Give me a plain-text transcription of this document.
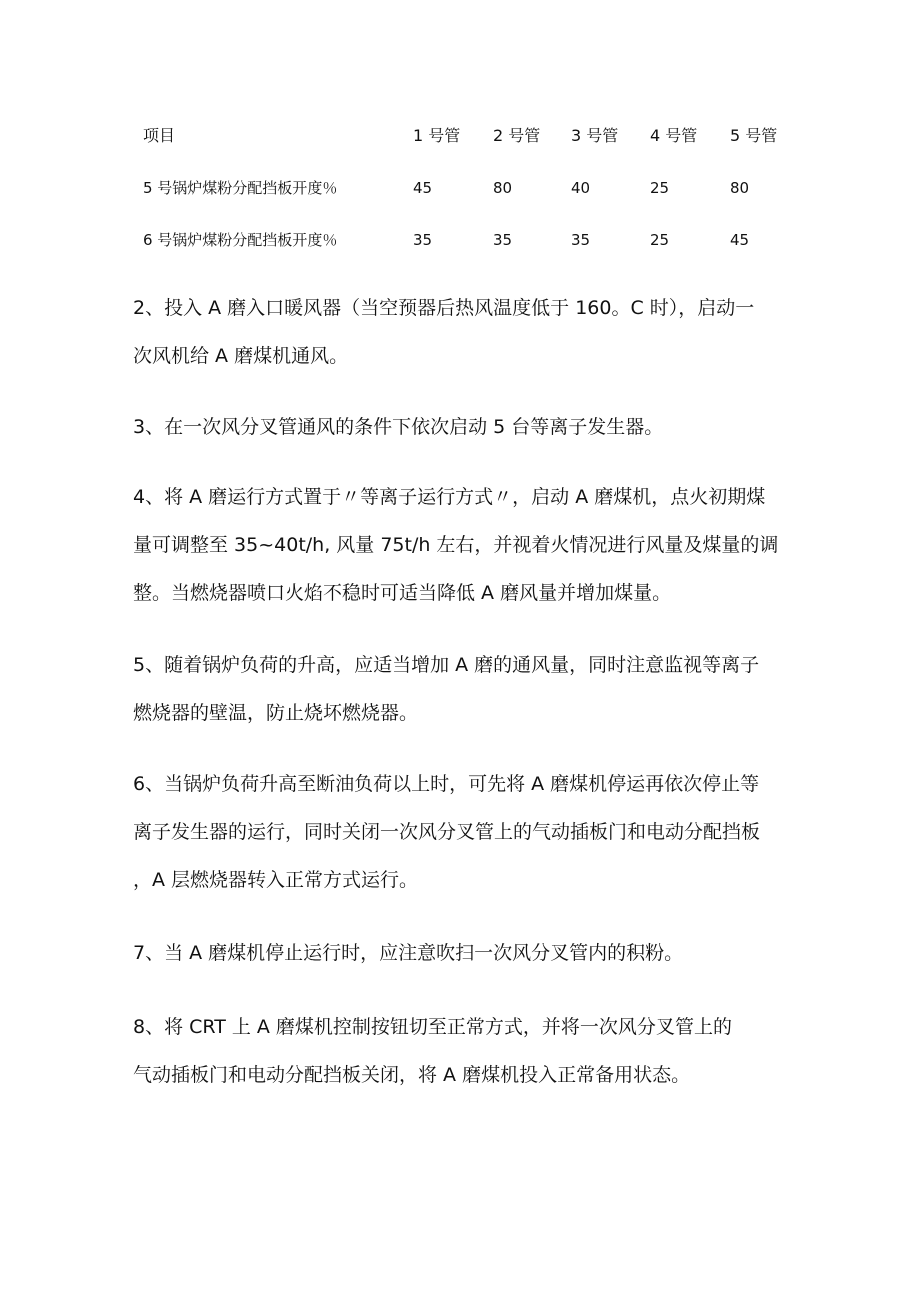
项目	1 号管 2 号管 3 号管 4 号管 5 号管
5 号锅炉煤粉分配挡板开度％	45	80	40	25	80
6 号锅炉煤粉分配挡板开度％	35	35	35	25	45

2、投入 A 磨入口暖风器（当空预器后热风温度低于 160。C 时），启动一
次风机给 A 磨煤机通风。

3、在一次风分叉管通风的条件下依次启动 5 台等离子发生器。

4、将 A 磨运行方式置于〃等离子运行方式〃，启动 A 磨煤机，点火初期煤
量可调整至 35~40t/h, 风量 75t/h 左右，并视着火情况进行风量及煤量的调
整。当燃烧器喷口火焰不稳时可适当降低 A 磨风量并增加煤量。

5、随着锅炉负荷的升高，应适当增加 A 磨的通风量，同时注意监视等离子
燃烧器的壁温，防止烧坏燃烧器。

6、当锅炉负荷升高至断油负荷以上时，可先将 A 磨煤机停运再依次停止等
离子发生器的运行，同时关闭一次风分叉管上的气动插板门和电动分配挡板
，A 层燃烧器转入正常方式运行。

7、当 A 磨煤机停止运行时，应注意吹扫一次风分叉管内的积粉。

8、将 CRT 上 A 磨煤机控制按钮切至正常方式，并将一次风分叉管上的
气动插板门和电动分配挡板关闭，将 A 磨煤机投入正常备用状态。
